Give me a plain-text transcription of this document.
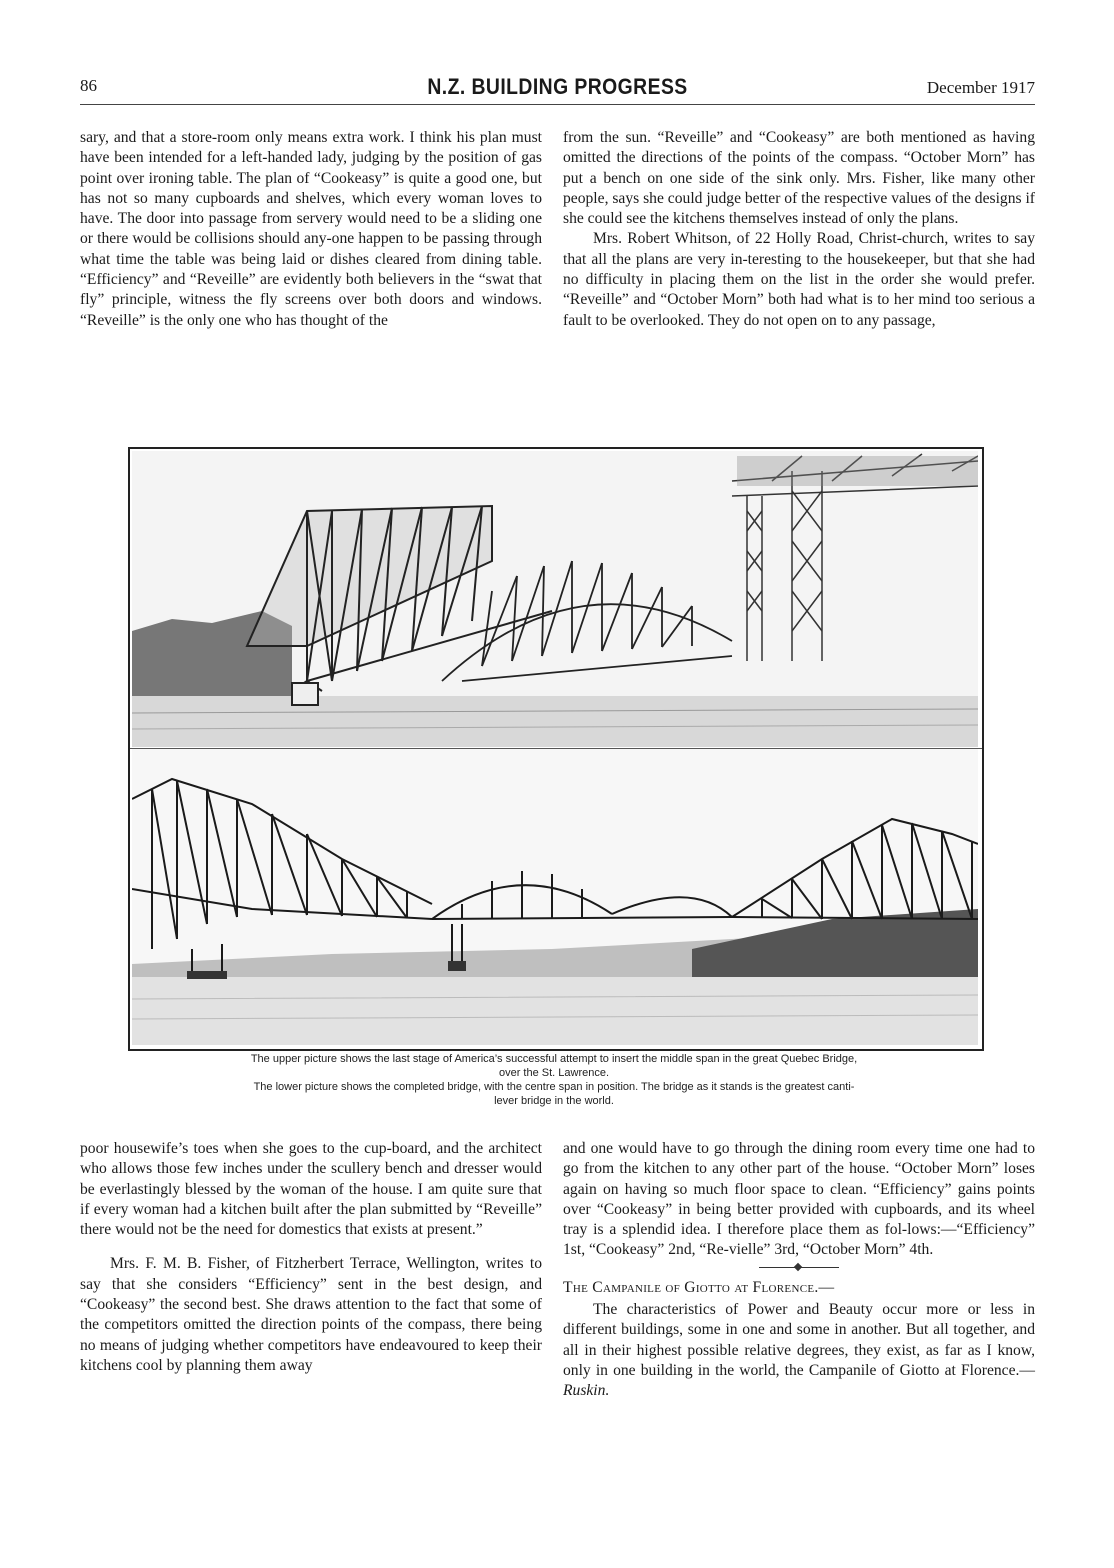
86	N.Z. BUILDING PROGRESS	December 1917

sary, and that a store-room only means extra work. I think his plan must have been intended for a left-handed lady, judging by the position of gas point over ironing table. The plan of “Cookeasy” is quite a good one, but has not so many cupboards and shelves, which every woman loves to have. The door into passage from servery would need to be a sliding one or there would be collisions should any-one happen to be passing through what time the table was being laid or dishes cleared from dining table. “Efficiency” and “Reveille” are evidently both believers in the “swat that fly” principle, witness the fly screens over both doors and windows. “Reveille” is the only one who has thought of the

from the sun. “Reveille” and “Cookeasy” are both mentioned as having omitted the directions of the points of the compass. “October Morn” has put a bench on one side of the sink only. Mrs. Fisher, like many other people, says she could judge better of the respective values of the designs if she could see the kitchens themselves instead of only the plans.

Mrs. Robert Whitson, of 22 Holly Road, Christ-church, writes to say that all the plans are very in-teresting to the housekeeper, but that she had no difficulty in placing them on the list in the order she would prefer. “Reveille” and “October Morn” both had what is to her mind too serious a fault to be overlooked. They do not open on to any passage,

The upper picture shows the last stage of America’s successful attempt to insert the middle span in the great Quebec Bridge,
over the St. Lawrence.
The lower picture shows the completed bridge, with the centre span in position. The bridge as it stands is the greatest canti-
lever bridge in the world.

poor housewife’s toes when she goes to the cup-board, and the architect who allows those few inches under the scullery bench and dresser would be everlastingly blessed by the woman of the house. I am quite sure that if every woman had a kitchen built after the plan submitted by “Reveille” there would not be the need for domestics that exists at present.”

Mrs. F. M. B. Fisher, of Fitzherbert Terrace, Wellington, writes to say that she considers “Efficiency” sent in the best design, and “Cookeasy” the second best. She draws attention to the fact that some of the competitors omitted the direction points of the compass, there being no means of judging whether competitors have endeavoured to keep their kitchens cool by planning them away

and one would have to go through the dining room every time one had to go from the kitchen to any other part of the house. “October Morn” loses again on having so much floor space to clean. “Efficiency” gains points over “Cookeasy” in being better provided with cupboards, and its wheel tray is a splendid idea. I therefore place them as fol-lows:—“Efficiency” 1st, “Cookeasy” 2nd, “Re-vielle” 3rd, “October Morn” 4th.

The Campanile of Giotto at Florence.—

The characteristics of Power and Beauty occur more or less in different buildings, some in one and some in another. But all together, and all in their highest possible relative degrees, they exist, as far as I know, only in one building in the world, the Campanile of Giotto at Florence.—Ruskin.
